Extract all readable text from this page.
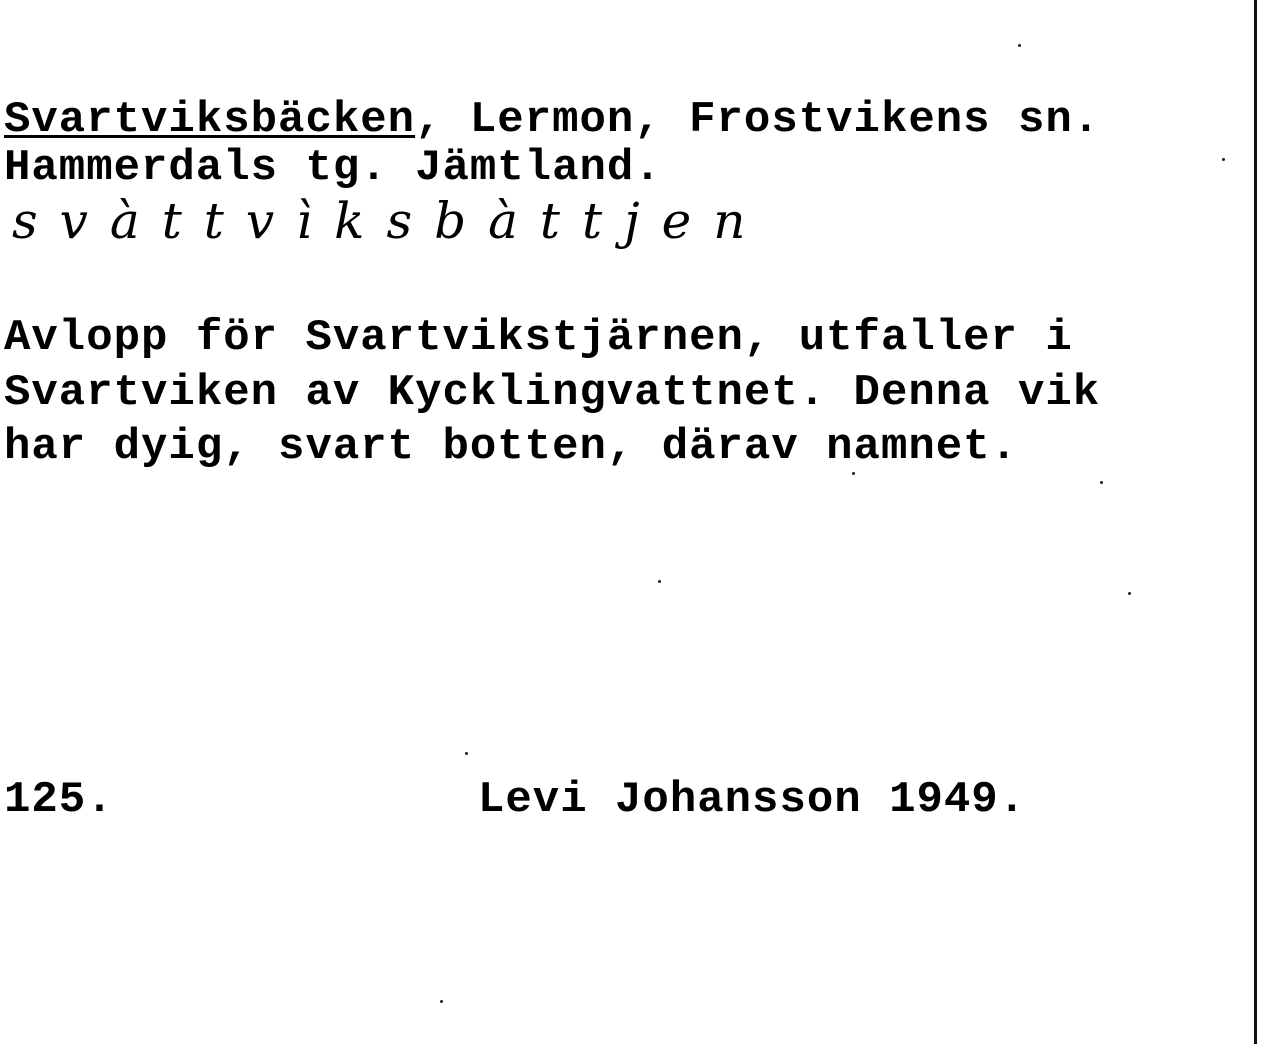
Svartviksbäcken, Lermon, Frostvikens sn.

Hammerdals tg. Jämtland.

svàttvìksbàttjen

Avlopp för Svartvikstjärnen, utfaller i

Svartviken av Kycklingvattnet. Denna vik

har dyig, svart botten, därav namnet.

125.	Levi Johansson 1949.
